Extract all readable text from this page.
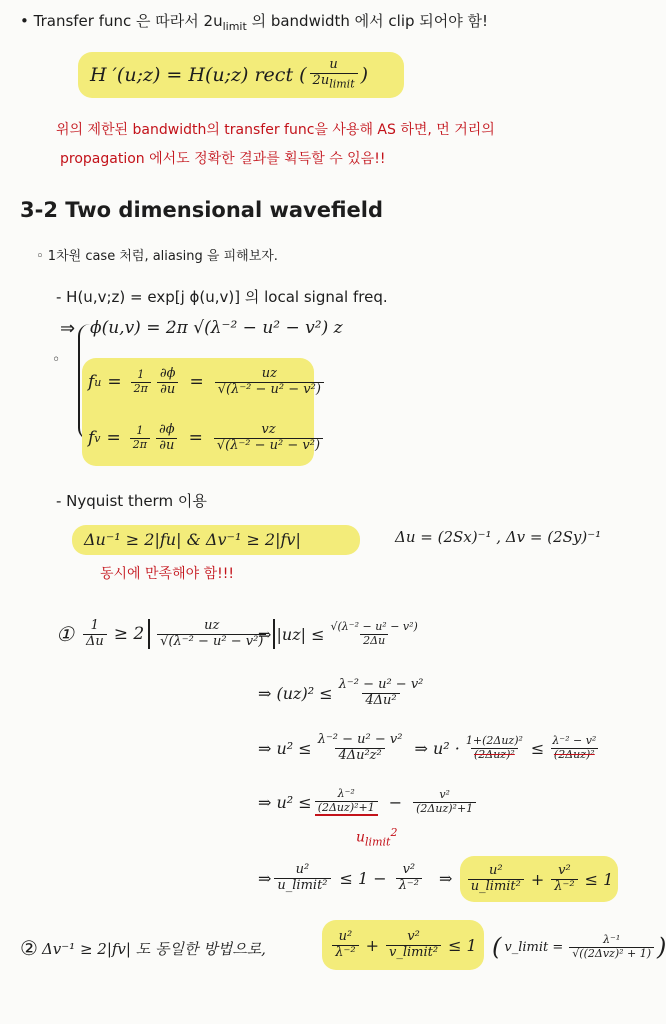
• Transfer func 은 따라서 $2u_{limit}$ 의 bandwidth 에서 clip 되어야 함!
H ′(u;z) = H(u;z) rect ( $\frac{u}{2u_{limit}}$ )
위의 제한된 bandwidth의 transfer func을 사용해 AS 하면, 먼 거리의
propagation 에서도 정확한 결과를 획득할 수 있음!!
3-2 Two dimensional wavefield
◦ 1차원 case 처럼, aliasing 을 피해보자.
- H(u,v;z) = exp[j ϕ(u,v)] 의 local signal freq.
⇒
◦
ϕ(u,v) = 2π √(λ⁻² − u² − v²) z
f $u = \frac{1}{2\pi} \frac{\partial\phi}{\partial u} = \frac{uz}{\text{√(λ⁻² − u² − v²)}}$
f $v = \frac{1}{2\pi} \frac{\partial\phi}{\partial u} = \frac{vz}{\text{√(λ⁻² − u² − v²)}}$
- Nyquist therm 이용
Δu⁻¹ ≥ 2|fu| & Δv⁻¹ ≥ 2|fv|	Δu = (2Sx)⁻¹ , Δv = (2Sy)⁻¹
동시에 만족해야 함!!!
① $\frac{1}{\Delta u} \ge 2 \frac{uz}{\text{√(λ⁻² − u² − v²)}}$
⇒ $|uz| \le \frac{\text{√(λ⁻² − u² − v²)}}{2\Delta u}$
⇒ $(uz)^2 \le \frac{\text{λ⁻² − u² − v²}}{\text{4Δu²}}$
⇒ $u^2 \le \frac{\text{λ⁻² − u² − v²}}{\text{4Δu²z²}}$ ⇒ $u^2 \cdot \frac{\text{1+(2Δuz)²}}{\text{(2Δuz)²}} \le \frac{\text{λ⁻² − v²}}{\text{(2Δuz)²}}$
⇒ $u^2 \le \frac{\text{λ⁻²}}{\text{(2Δuz)²+1}} - \frac{\text{v²}}{\text{(2Δuz)²+1}}$
$u_{limit}^2$
⇒ $\frac{\text{u²}}{\text{u\_limit²}} \le 1 - \frac{\text{v²}}{\text{λ⁻²}}$ ⇒ $\frac{\text{u²}}{\text{u\_limit²}} + \frac{\text{v²}}{\text{λ⁻²}} \le 1$
② Δv⁻¹ ≥ 2|fv| 도 동일한 방법으로,	$\frac{\text{u²}}{\text{λ⁻²}} + \frac{\text{v²}}{\text{v\_limit²}} \le 1$ ( v_limit = $\frac{\text{λ⁻¹}}{\text{√((2Δvz)² + 1)}}$ )
